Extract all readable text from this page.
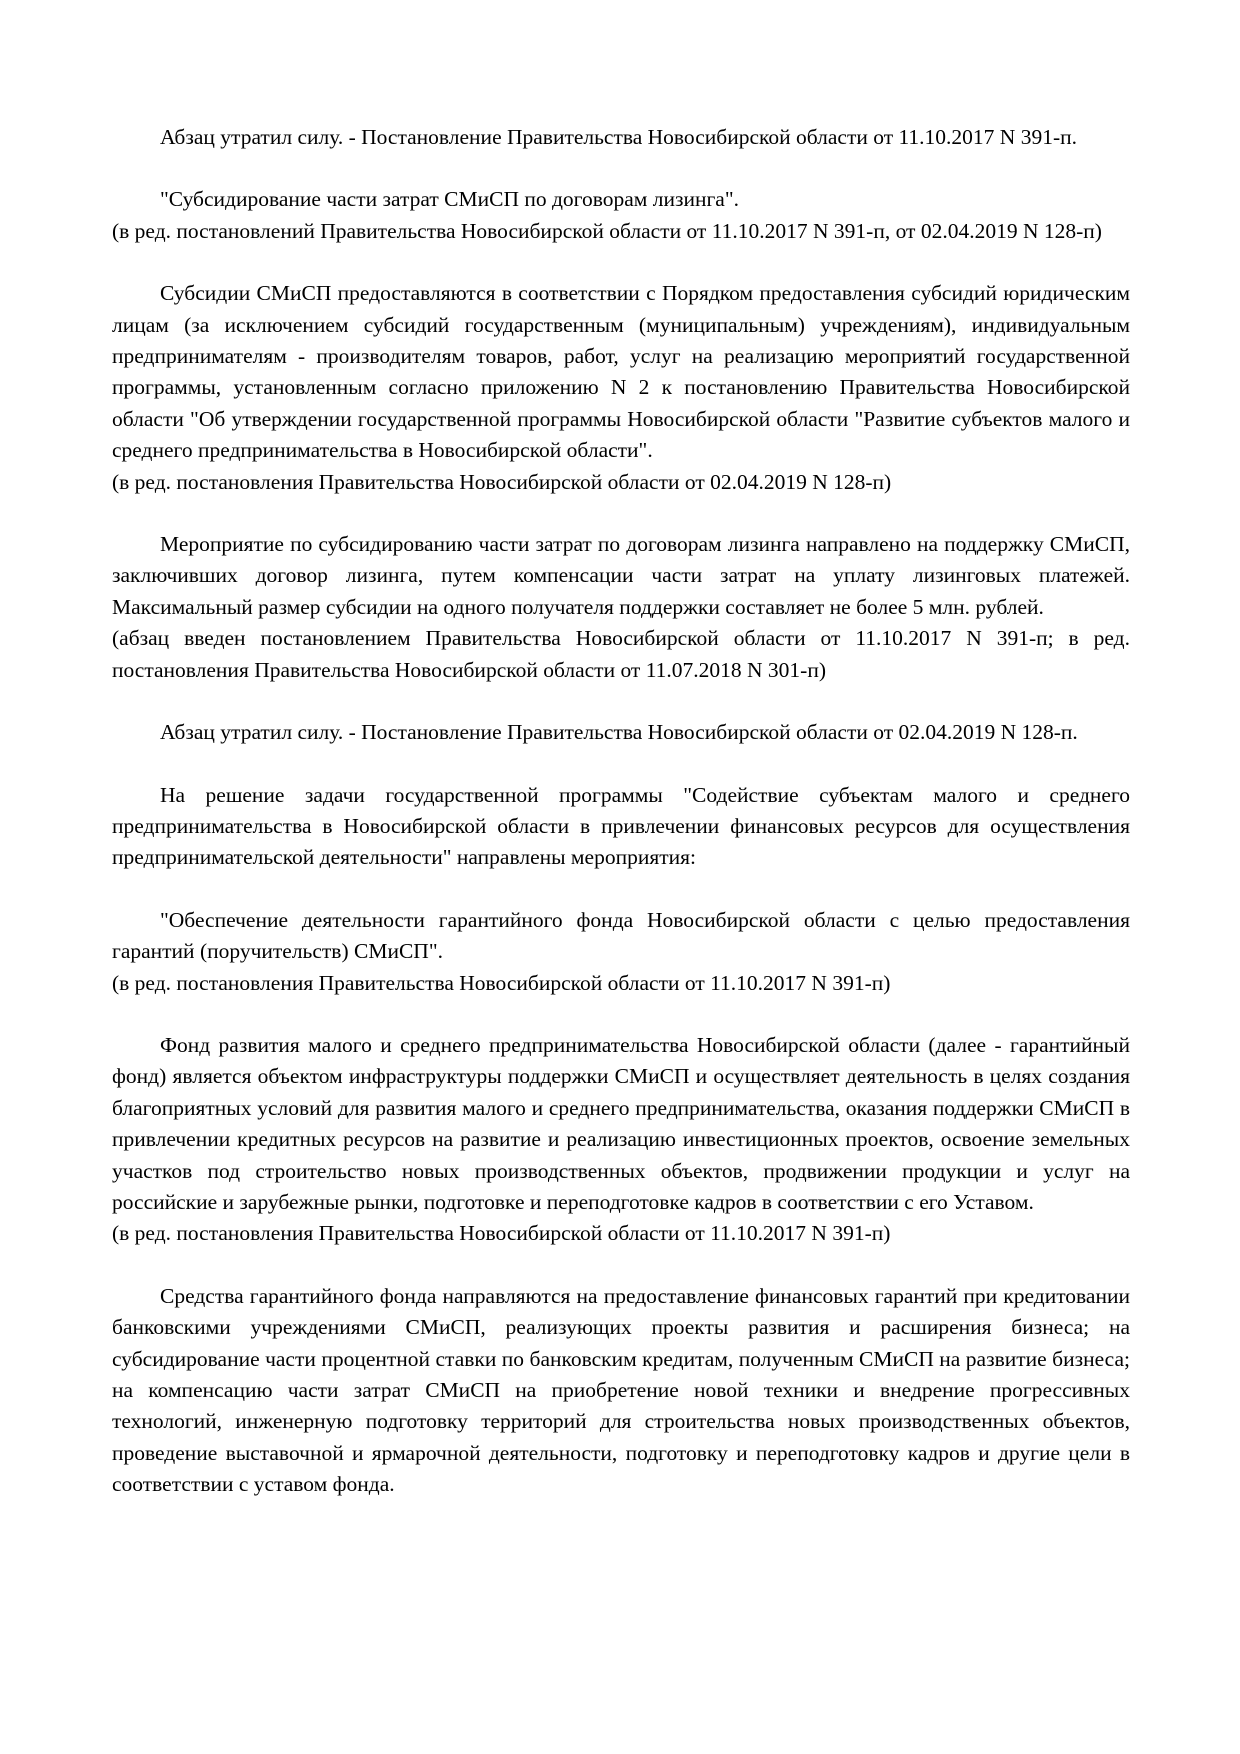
Абзац утратил силу. - Постановление Правительства Новосибирской области от 11.10.2017 N 391-п.

"Субсидирование части затрат СМиСП по договорам лизинга".

(в ред. постановлений Правительства Новосибирской области от 11.10.2017 N 391-п, от 02.04.2019 N 128-п)

Субсидии СМиСП предоставляются в соответствии с Порядком предоставления субсидий юридическим лицам (за исключением субсидий государственным (муниципальным) учреждениям), индивидуальным предпринимателям - производителям товаров, работ, услуг на реализацию мероприятий государственной программы, установленным согласно приложению N 2 к постановлению Правительства Новосибирской области "Об утверждении государственной программы Новосибирской области "Развитие субъектов малого и среднего предпринимательства в Новосибирской области".

(в ред. постановления Правительства Новосибирской области от 02.04.2019 N 128-п)

Мероприятие по субсидированию части затрат по договорам лизинга направлено на поддержку СМиСП, заключивших договор лизинга, путем компенсации части затрат на уплату лизинговых платежей. Максимальный размер субсидии на одного получателя поддержки составляет не более 5 млн. рублей.

(абзац введен постановлением Правительства Новосибирской области от 11.10.2017 N 391-п; в ред. постановления Правительства Новосибирской области от 11.07.2018 N 301-п)

Абзац утратил силу. - Постановление Правительства Новосибирской области от 02.04.2019 N 128-п.

На решение задачи государственной программы "Содействие субъектам малого и среднего предпринимательства в Новосибирской области в привлечении финансовых ресурсов для осуществления предпринимательской деятельности" направлены мероприятия:

"Обеспечение деятельности гарантийного фонда Новосибирской области с целью предоставления гарантий (поручительств) СМиСП".

(в ред. постановления Правительства Новосибирской области от 11.10.2017 N 391-п)

Фонд развития малого и среднего предпринимательства Новосибирской области (далее - гарантийный фонд) является объектом инфраструктуры поддержки СМиСП и осуществляет деятельность в целях создания благоприятных условий для развития малого и среднего предпринимательства, оказания поддержки СМиСП в привлечении кредитных ресурсов на развитие и реализацию инвестиционных проектов, освоение земельных участков под строительство новых производственных объектов, продвижении продукции и услуг на российские и зарубежные рынки, подготовке и переподготовке кадров в соответствии с его Уставом.

(в ред. постановления Правительства Новосибирской области от 11.10.2017 N 391-п)

Средства гарантийного фонда направляются на предоставление финансовых гарантий при кредитовании банковскими учреждениями СМиСП, реализующих проекты развития и расширения бизнеса; на субсидирование части процентной ставки по банковским кредитам, полученным СМиСП на развитие бизнеса; на компенсацию части затрат СМиСП на приобретение новой техники и внедрение прогрессивных технологий, инженерную подготовку территорий для строительства новых производственных объектов, проведение выставочной и ярмарочной деятельности, подготовку и переподготовку кадров и другие цели в соответствии с уставом фонда.
